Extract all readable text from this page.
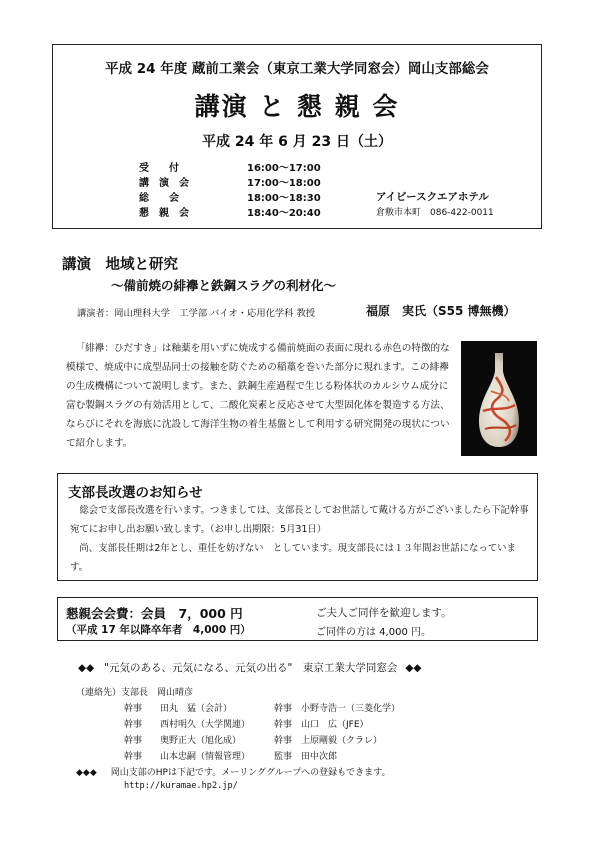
平成 24 年度 蔵前工業会（東京工業大学同窓会）岡山支部総会
講演 と 懇 親 会
平成 24 年 6 月 23 日（土）
受　　付	16:00～17:00
講　演　会	17:00～18:00
総　　会	18:00～18:30
懇　親　会	18:40～20:40
アイビースクエアホテル
倉敷市本町　086-422-0011
講演　地域と研究
～備前焼の緋襷と鉄鋼スラグの利材化～
講演者：岡山理科大学　工学部 バイオ・応用化学科 教授	福原　実氏（S55 博無機）
「緋襷：ひだすき」は釉薬を用いずに焼成する備前焼面の表面に現れる赤色の特徴的な模様で、焼成中に成型品同士の接触を防ぐための稲藁を巻いた部分に現れます。この緋襷の生成機構について説明します。また、鉄鋼生産過程で生じる粉体状のカルシウム成分に富む製鋼スラグの有効活用として、二酸化炭素と反応させて大型固化体を製造する方法、ならびにそれを海底に沈設して海洋生物の着生基盤として利用する研究開発の現状について紹介します。
支部長改選のお知らせ
総会で支部長改選を行います。つきましては、支部長としてお世話して戴ける方がございましたら下記幹事宛てにお申し出お願い致します。（お申し出期限：5月31日）
尚、支部長任期は2年とし、重任を妨げない　としています。現支部長には１３年間お世話になっています。
懇親会会費：会員　7，000 円
（平成 17 年以降卒年者　4,000 円）
ご夫人ご同伴を歓迎します。
ご同伴の方は 4,000 円。
◆◆ "元気のある、元気になる、元気の出る"　東京工業大学同窓会 ◆◆
（連絡先）支部長　岡山晴彦
幹事　　田丸　猛（会計）	幹事　小野寺浩一（三菱化学）
幹事　　西村明久（大学関連）	幹事　山口　広（JFE）
幹事　　奥野正大（旭化成）	幹事　上原剛毅（クラレ）
幹事　　山本忠嗣（情報管理）	監事　田中次郎
◆◆◆ 岡山支部のHPは下記です。メーリンググループへの登録もできます。
http://kuramae.hp2.jp/
